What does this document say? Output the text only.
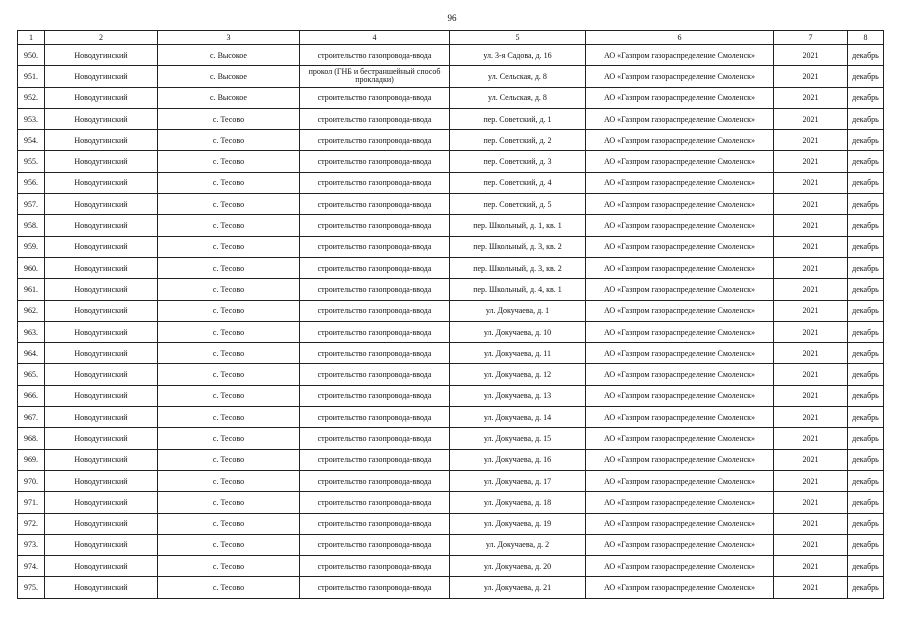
96
1	2	3	4	5	6	7	8
950.	Новодугинский	с. Высокое	строительство газопровода-ввода	ул. 3-я Садова, д. 16	АО «Газпром газораспределение Смоленск»	2021	декабрь
951.	Новодугинский	с. Высокое	прокол (ГНБ и бестраншейный способ прокладки)	ул. Сельская, д. 8	АО «Газпром газораспределение Смоленск»	2021	декабрь
952.	Новодугинский	с. Высокое	строительство газопровода-ввода	ул. Сельская, д. 8	АО «Газпром газораспределение Смоленск»	2021	декабрь
953.	Новодугинский	с. Тесово	строительство газопровода-ввода	пер. Советский, д. 1	АО «Газпром газораспределение Смоленск»	2021	декабрь
954.	Новодугинский	с. Тесово	строительство газопровода-ввода	пер. Советский, д. 2	АО «Газпром газораспределение Смоленск»	2021	декабрь
955.	Новодугинский	с. Тесово	строительство газопровода-ввода	пер. Советский, д. 3	АО «Газпром газораспределение Смоленск»	2021	декабрь
956.	Новодугинский	с. Тесово	строительство газопровода-ввода	пер. Советский, д. 4	АО «Газпром газораспределение Смоленск»	2021	декабрь
957.	Новодугинский	с. Тесово	строительство газопровода-ввода	пер. Советский, д. 5	АО «Газпром газораспределение Смоленск»	2021	декабрь
958.	Новодугинский	с. Тесово	строительство газопровода-ввода	пер. Школьный, д. 1, кв. 1	АО «Газпром газораспределение Смоленск»	2021	декабрь
959.	Новодугинский	с. Тесово	строительство газопровода-ввода	пер. Школьный, д. 3, кв. 2	АО «Газпром газораспределение Смоленск»	2021	декабрь
960.	Новодугинский	с. Тесово	строительство газопровода-ввода	пер. Школьный, д. 3, кв. 2	АО «Газпром газораспределение Смоленск»	2021	декабрь
961.	Новодугинский	с. Тесово	строительство газопровода-ввода	пер. Школьный, д. 4, кв. 1	АО «Газпром газораспределение Смоленск»	2021	декабрь
962.	Новодугинский	с. Тесово	строительство газопровода-ввода	ул. Докучаева, д. 1	АО «Газпром газораспределение Смоленск»	2021	декабрь
963.	Новодугинский	с. Тесово	строительство газопровода-ввода	ул. Докучаева, д. 10	АО «Газпром газораспределение Смоленск»	2021	декабрь
964.	Новодугинский	с. Тесово	строительство газопровода-ввода	ул. Докучаева, д. 11	АО «Газпром газораспределение Смоленск»	2021	декабрь
965.	Новодугинский	с. Тесово	строительство газопровода-ввода	ул. Докучаева, д. 12	АО «Газпром газораспределение Смоленск»	2021	декабрь
966.	Новодугинский	с. Тесово	строительство газопровода-ввода	ул. Докучаева, д. 13	АО «Газпром газораспределение Смоленск»	2021	декабрь
967.	Новодугинский	с. Тесово	строительство газопровода-ввода	ул. Докучаева, д. 14	АО «Газпром газораспределение Смоленск»	2021	декабрь
968.	Новодугинский	с. Тесово	строительство газопровода-ввода	ул. Докучаева, д. 15	АО «Газпром газораспределение Смоленск»	2021	декабрь
969.	Новодугинский	с. Тесово	строительство газопровода-ввода	ул. Докучаева, д. 16	АО «Газпром газораспределение Смоленск»	2021	декабрь
970.	Новодугинский	с. Тесово	строительство газопровода-ввода	ул. Докучаева, д. 17	АО «Газпром газораспределение Смоленск»	2021	декабрь
971.	Новодугинский	с. Тесово	строительство газопровода-ввода	ул. Докучаева, д. 18	АО «Газпром газораспределение Смоленск»	2021	декабрь
972.	Новодугинский	с. Тесово	строительство газопровода-ввода	ул. Докучаева, д. 19	АО «Газпром газораспределение Смоленск»	2021	декабрь
973.	Новодугинский	с. Тесово	строительство газопровода-ввода	ул. Докучаева, д. 2	АО «Газпром газораспределение Смоленск»	2021	декабрь
974.	Новодугинский	с. Тесово	строительство газопровода-ввода	ул. Докучаева, д. 20	АО «Газпром газораспределение Смоленск»	2021	декабрь
975.	Новодугинский	с. Тесово	строительство газопровода-ввода	ул. Докучаева, д. 21	АО «Газпром газораспределение Смоленск»	2021	декабрь
